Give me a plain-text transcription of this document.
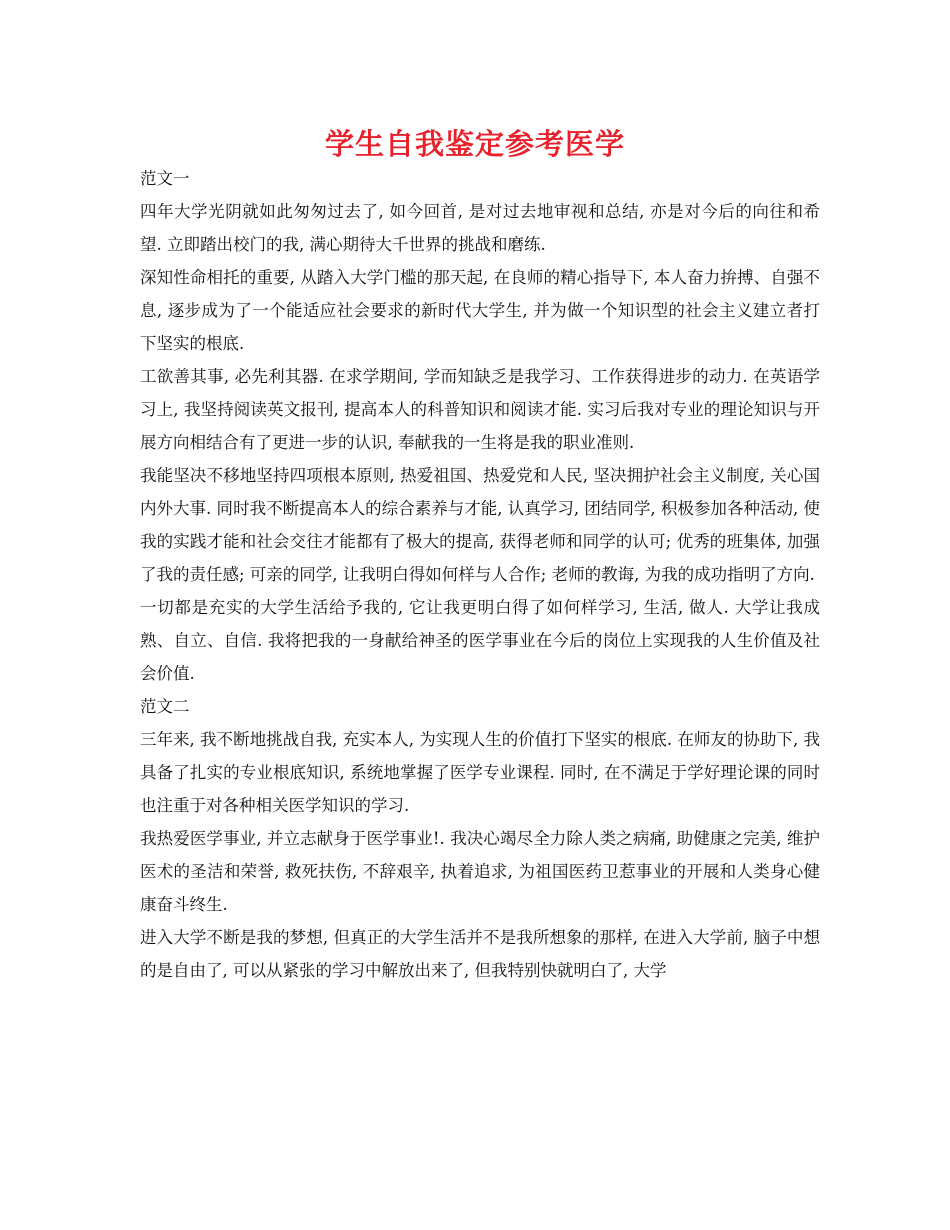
学生自我鉴定参考医学

范文一

四年大学光阴就如此匆匆过去了, 如今回首, 是对过去地审视和总结, 亦是对今后的向往和希望. 立即踏出校门的我, 满心期待大千世界的挑战和磨练.

深知性命相托的重要, 从踏入大学门槛的那天起, 在良师的精心指导下, 本人奋力拚搏、自强不息, 逐步成为了一个能适应社会要求的新时代大学生, 并为做一个知识型的社会主义建立者打下坚实的根底.

工欲善其事, 必先利其器. 在求学期间, 学而知缺乏是我学习、工作获得进步的动力. 在英语学习上, 我坚持阅读英文报刊, 提高本人的科普知识和阅读才能. 实习后我对专业的理论知识与开展方向相结合有了更进一步的认识, 奉献我的一生将是我的职业准则.

我能坚决不移地坚持四项根本原则, 热爱祖国、热爱党和人民, 坚决拥护社会主义制度, 关心国内外大事. 同时我不断提高本人的综合素养与才能, 认真学习, 团结同学, 积极参加各种活动, 使我的实践才能和社会交往才能都有了极大的提高, 获得老师和同学的认可; 优秀的班集体, 加强了我的责任感; 可亲的同学, 让我明白得如何样与人合作; 老师的教诲, 为我的成功指明了方向.

一切都是充实的大学生活给予我的, 它让我更明白得了如何样学习, 生活, 做人. 大学让我成熟、自立、自信. 我将把我的一身献给神圣的医学事业在今后的岗位上实现我的人生价值及社会价值.

范文二

三年来, 我不断地挑战自我, 充实本人, 为实现人生的价值打下坚实的根底. 在师友的协助下, 我具备了扎实的专业根底知识, 系统地掌握了医学专业课程. 同时, 在不满足于学好理论课的同时也注重于对各种相关医学知识的学习.

我热爱医学事业, 并立志献身于医学事业!. 我决心竭尽全力除人类之病痛, 助健康之完美, 维护医术的圣洁和荣誉, 救死扶伤, 不辞艰辛, 执着追求, 为祖国医药卫惹事业的开展和人类身心健康奋斗终生.

进入大学不断是我的梦想, 但真正的大学生活并不是我所想象的那样, 在进入大学前, 脑子中想的是自由了, 可以从紧张的学习中解放出来了, 但我特别快就明白了, 大学
